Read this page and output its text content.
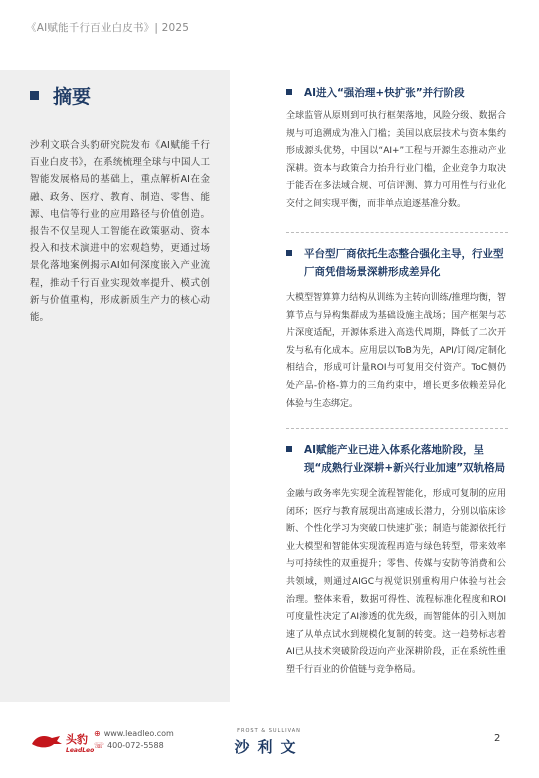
《AI赋能千行百业白皮书》| 2025
摘要
沙利文联合头豹研究院发布《AI赋能千行百业白皮书》，在系统梳理全球与中国人工智能发展格局的基础上，重点解析AI在金融、政务、医疗、教育、制造、零售、能源、电信等行业的应用路径与价值创造。报告不仅呈现人工智能在政策驱动、资本投入和技术演进中的宏观趋势，更通过场景化落地案例揭示AI如何深度嵌入产业流程，推动千行百业实现效率提升、模式创新与价值重构，形成新质生产力的核心动能。
AI进入“强治理+快扩张”并行阶段
全球监管从原则到可执行框架落地，风险分级、数据合规与可追溯成为准入门槛；美国以底层技术与资本集约形成源头优势，中国以“AI+”工程与开源生态推动产业深耕。资本与政策合力抬升行业门槛，企业竞争力取决于能否在多法域合规、可信评测、算力可用性与行业化交付之间实现平衡，而非单点追逐基准分数。
平台型厂商依托生态整合强化主导，行业型厂商凭借场景深耕形成差异化
大模型智算算力结构从训练为主转向训练/推理均衡，智算节点与异构集群成为基础设施主战场；国产框架与芯片深度适配，开源体系进入高迭代周期，降低了二次开发与私有化成本。应用层以ToB为先，API/订阅/定制化相结合，形成可计量ROI与可复用交付资产。ToC侧仍处产品-价格-算力的三角约束中，增长更多依赖差异化体验与生态绑定。
AI赋能产业已进入体系化落地阶段，呈现“成熟行业深耕+新兴行业加速”双轨格局
金融与政务率先实现全流程智能化，形成可复制的应用闭环；医疗与教育展现出高速成长潜力，分别以临床诊断、个性化学习为突破口快速扩张；制造与能源依托行业大模型和智能体实现流程再造与绿色转型，带来效率与可持续性的双重提升；零售、传媒与安防等消费和公共领域，则通过AIGC与视觉识别重构用户体验与社会治理。整体来看，数据可得性、流程标准化程度和ROI可度量性决定了AI渗透的优先级，而智能体的引入则加速了从单点试水到规模化复制的转变。这一趋势标志着AI已从技术突破阶段迈向产业深耕阶段，正在系统性重塑千行百业的价值链与竞争格局。
头豹
LeadLeo
⊕ www.leadleo.com
☏ 400-072-5588
FROST & SULLIVAN
沙利文	2
